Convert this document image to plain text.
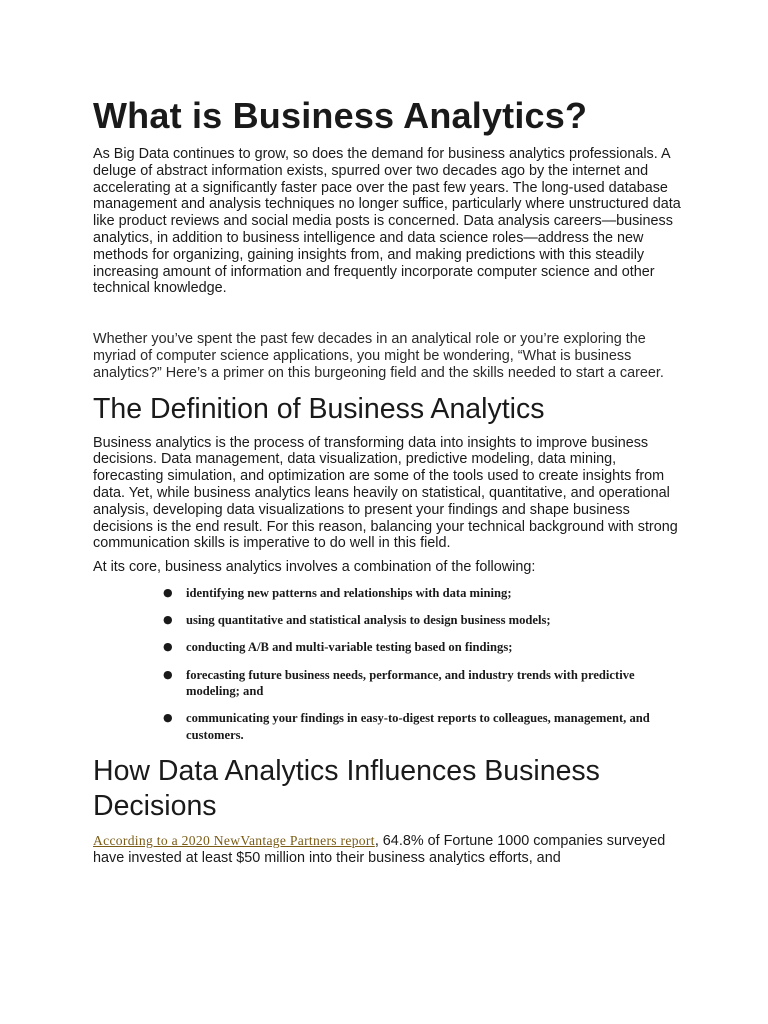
What is Business Analytics?

As Big Data continues to grow, so does the demand for business analytics professionals. A deluge of abstract information exists, spurred over two decades ago by the internet and accelerating at a significantly faster pace over the past few years. The long-used database management and analysis techniques no longer suffice, particularly where unstructured data like product reviews and social media posts is concerned. Data analysis careers—business analytics, in addition to business intelligence and data science roles—address the new methods for organizing, gaining insights from, and making predictions with this steadily increasing amount of information and frequently incorporate computer science and other technical knowledge.

Whether you’ve spent the past few decades in an analytical role or you’re exploring the myriad of computer science applications, you might be wondering, “What is business analytics?” Here’s a primer on this burgeoning field and the skills needed to start a career.

The Definition of Business Analytics

Business analytics is the process of transforming data into insights to improve business decisions. Data management, data visualization, predictive modeling, data mining, forecasting simulation, and optimization are some of the tools used to create insights from data. Yet, while business analytics leans heavily on statistical, quantitative, and operational analysis, developing data visualizations to present your findings and shape business decisions is the end result. For this reason, balancing your technical background with strong communication skills is imperative to do well in this field.

At its core, business analytics involves a combination of the following:

● identifying new patterns and relationships with data mining;
● using quantitative and statistical analysis to design business models;
● conducting A/B and multi-variable testing based on findings;
● forecasting future business needs, performance, and industry trends with predictive modeling; and
● communicating your findings in easy-to-digest reports to colleagues, management, and customers.
How Data Analytics Influences Business Decisions

According to a 2020 NewVantage Partners report, 64.8% of Fortune 1000 companies surveyed have invested at least $50 million into their business analytics efforts, and
